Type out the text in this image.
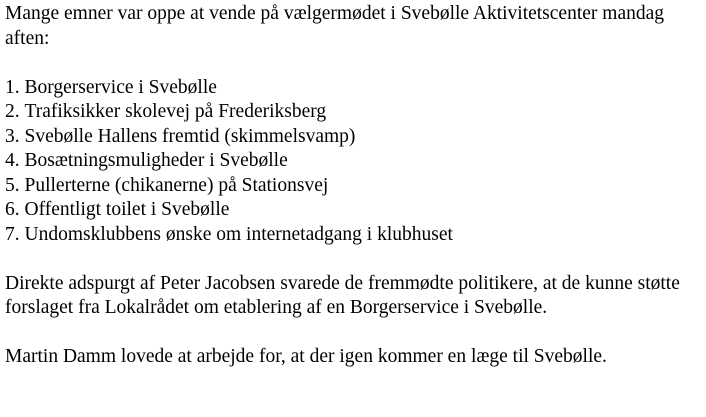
Mange emner var oppe at vende på vælgermødet i Svebølle Aktivitetscenter mandag aften:

1. Borgerservice i Svebølle
2. Trafiksikker skolevej på Frederiksberg
3. Svebølle Hallens fremtid (skimmelsvamp)
4. Bosætningsmuligheder i Svebølle
5. Pullerterne (chikanerne) på Stationsvej
6. Offentligt toilet i Svebølle
7. Undomsklubbens ønske om internetadgang i klubhuset

Direkte adspurgt af Peter Jacobsen svarede de fremmødte politikere, at de kunne støtte forslaget fra Lokalrådet om etablering af en Borgerservice i Svebølle.

Martin Damm lovede at arbejde for, at der igen kommer en læge til Svebølle.
